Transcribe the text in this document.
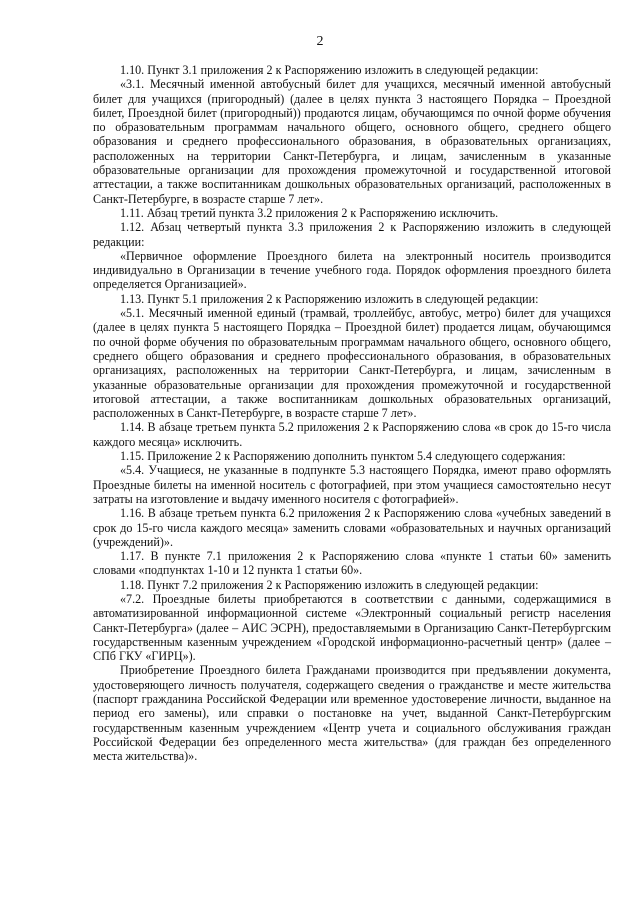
2

1.10. Пункт 3.1 приложения 2 к Распоряжению изложить в следующей редакции:

«3.1. Месячный именной автобусный билет для учащихся, месячный именной автобусный билет для учащихся (пригородный) (далее в целях пункта 3 настоящего Порядка – Проездной билет, Проездной билет (пригородный)) продаются лицам, обучающимся по очной форме обучения по образовательным программам начального общего, основного общего, среднего общего образования и среднего профессионального образования, в образовательных организациях, расположенных на территории Санкт-Петербурга, и лицам, зачисленным в указанные образовательные организации для прохождения промежуточной и государственной итоговой аттестации, а также воспитанникам дошкольных образовательных организаций, расположенных в Санкт-Петербурге, в возрасте старше 7 лет».

1.11. Абзац третий пункта 3.2 приложения 2 к Распоряжению исключить.

1.12. Абзац четвертый пункта 3.3 приложения 2 к Распоряжению изложить в следующей редакции:

«Первичное оформление Проездного билета на электронный носитель производится индивидуально в Организации в течение учебного года. Порядок оформления проездного билета определяется Организацией».

1.13. Пункт 5.1 приложения 2 к Распоряжению изложить в следующей редакции:

«5.1. Месячный именной единый (трамвай, троллейбус, автобус, метро) билет для учащихся (далее в целях пункта 5 настоящего Порядка – Проездной билет) продается лицам, обучающимся по очной форме обучения по образовательным программам начального общего, основного общего, среднего общего образования и среднего профессионального образования, в образовательных организациях, расположенных на территории Санкт-Петербурга, и лицам, зачисленным в указанные образовательные организации для прохождения промежуточной и государственной итоговой аттестации, а также воспитанникам дошкольных образовательных организаций, расположенных в Санкт-Петербурге, в возрасте старше 7 лет».

1.14. В абзаце третьем пункта 5.2 приложения 2 к Распоряжению слова «в срок до 15-го числа каждого месяца» исключить.

1.15. Приложение 2 к Распоряжению дополнить пунктом 5.4 следующего содержания:

«5.4. Учащиеся, не указанные в подпункте 5.3 настоящего Порядка, имеют право оформлять Проездные билеты на именной носитель с фотографией, при этом учащиеся самостоятельно несут затраты на изготовление и выдачу именного носителя с фотографией».

1.16. В абзаце третьем пункта 6.2 приложения 2 к Распоряжению слова «учебных заведений в срок до 15-го числа каждого месяца» заменить словами «образовательных и научных организаций (учреждений)».

1.17. В пункте 7.1 приложения 2 к Распоряжению слова «пункте 1 статьи 60» заменить словами «подпунктах 1-10 и 12 пункта 1 статьи 60».

1.18. Пункт 7.2 приложения 2 к Распоряжению изложить в следующей редакции:

«7.2. Проездные билеты приобретаются в соответствии с данными, содержащимися в автоматизированной информационной системе «Электронный социальный регистр населения Санкт-Петербурга» (далее – АИС ЭСРН), предоставляемыми в Организацию Санкт-Петербургским государственным казенным учреждением «Городской информационно-расчетный центр» (далее – СПб ГКУ «ГИРЦ»).

Приобретение Проездного билета Гражданами производится при предъявлении документа, удостоверяющего личность получателя, содержащего сведения о гражданстве и месте жительства (паспорт гражданина Российской Федерации или временное удостоверение личности, выданное на период его замены), или справки о постановке на учет, выданной Санкт-Петербургским государственным казенным учреждением «Центр учета и социального обслуживания граждан Российской Федерации без определенного места жительства» (для граждан без определенного места жительства)».
